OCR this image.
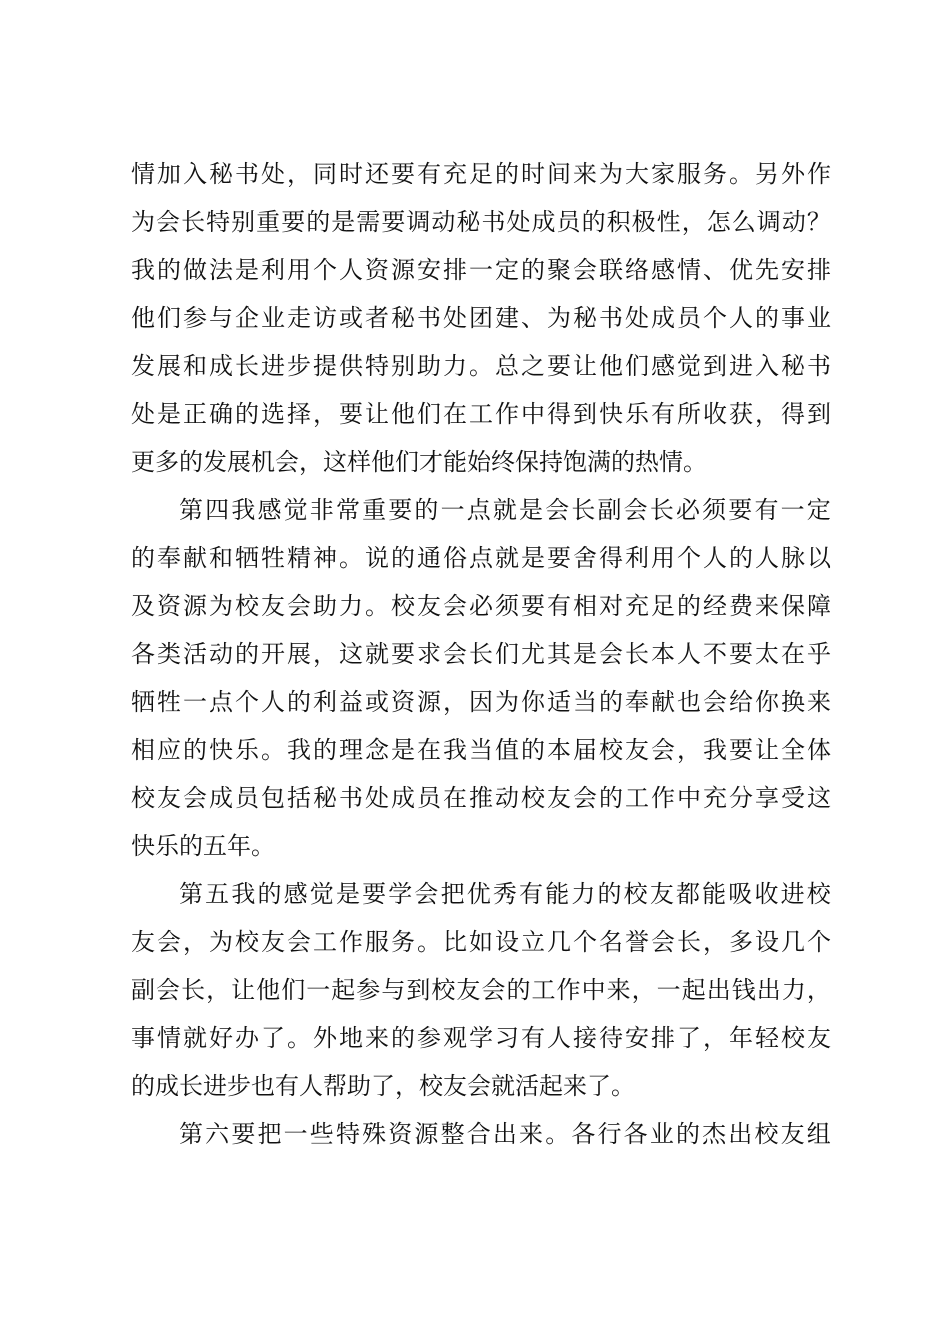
情 加 入 秘 书 处 ， 同 时 还 要 有 充 足 的 时 间 来 为 大 家 服 务 。 另 外 作
为 会 长 特 别 重 要 的 是 需 要 调 动 秘 书 处 成 员 的 积 极 性 ， 怎 么 调 动 ？
我 的 做 法 是 利 用 个 人 资 源 安 排 一 定 的 聚 会 联 络 感 情 、 优 先 安 排
他 们 参 与 企 业 走 访 或 者 秘 书 处 团 建 、 为 秘 书 处 成 员 个 人 的 事 业
发 展 和 成 长 进 步 提 供 特 别 助 力 。 总 之 要 让 他 们 感 觉 到 进 入 秘 书
处 是 正 确 的 选 择 ， 要 让 他 们 在 工 作 中 得 到 快 乐 有 所 收 获 ， 得 到
更多的发展机会，这样他们才能始终保持饱满的热情。
第 四 我 感 觉 非 常 重 要 的 一 点 就 是 会 长 副 会 长 必 须 要 有 一 定
的 奉 献 和 牺 牲 精 神 。 说 的 通 俗 点 就 是 要 舍 得 利 用 个 人 的 人 脉 以
及 资 源 为 校 友 会 助 力 。 校 友 会 必 须 要 有 相 对 充 足 的 经 费 来 保 障
各 类 活 动 的 开 展 ， 这 就 要 求 会 长 们 尤 其 是 会 长 本 人 不 要 太 在 乎
牺 牲 一 点 个 人 的 利 益 或 资 源 ， 因 为 你 适 当 的 奉 献 也 会 给 你 换 来
相 应 的 快 乐 。 我 的 理 念 是 在 我 当 值 的 本 届 校 友 会 ， 我 要 让 全 体
校 友 会 成 员 包 括 秘 书 处 成 员 在 推 动 校 友 会 的 工 作 中 充 分 享 受 这
快乐的五年。
第 五 我 的 感 觉 是 要 学 会 把 优 秀 有 能 力 的 校 友 都 能 吸 收 进 校
友 会 ， 为 校 友 会 工 作 服 务 。 比 如 设 立 几 个 名 誉 会 长 ， 多 设 几 个
副 会 长 ， 让 他 们 一 起 参 与 到 校 友 会 的 工 作 中 来 ， 一 起 出 钱 出 力 ，
事 情 就 好 办 了 。 外 地 来 的 参 观 学 习 有 人 接 待 安 排 了 ， 年 轻 校 友
的成长进步也有人帮助了，校友会就活起来了。
第 六 要 把 一 些 特 殊 资 源 整 合 出 来 。 各 行 各 业 的 杰 出 校 友 组
